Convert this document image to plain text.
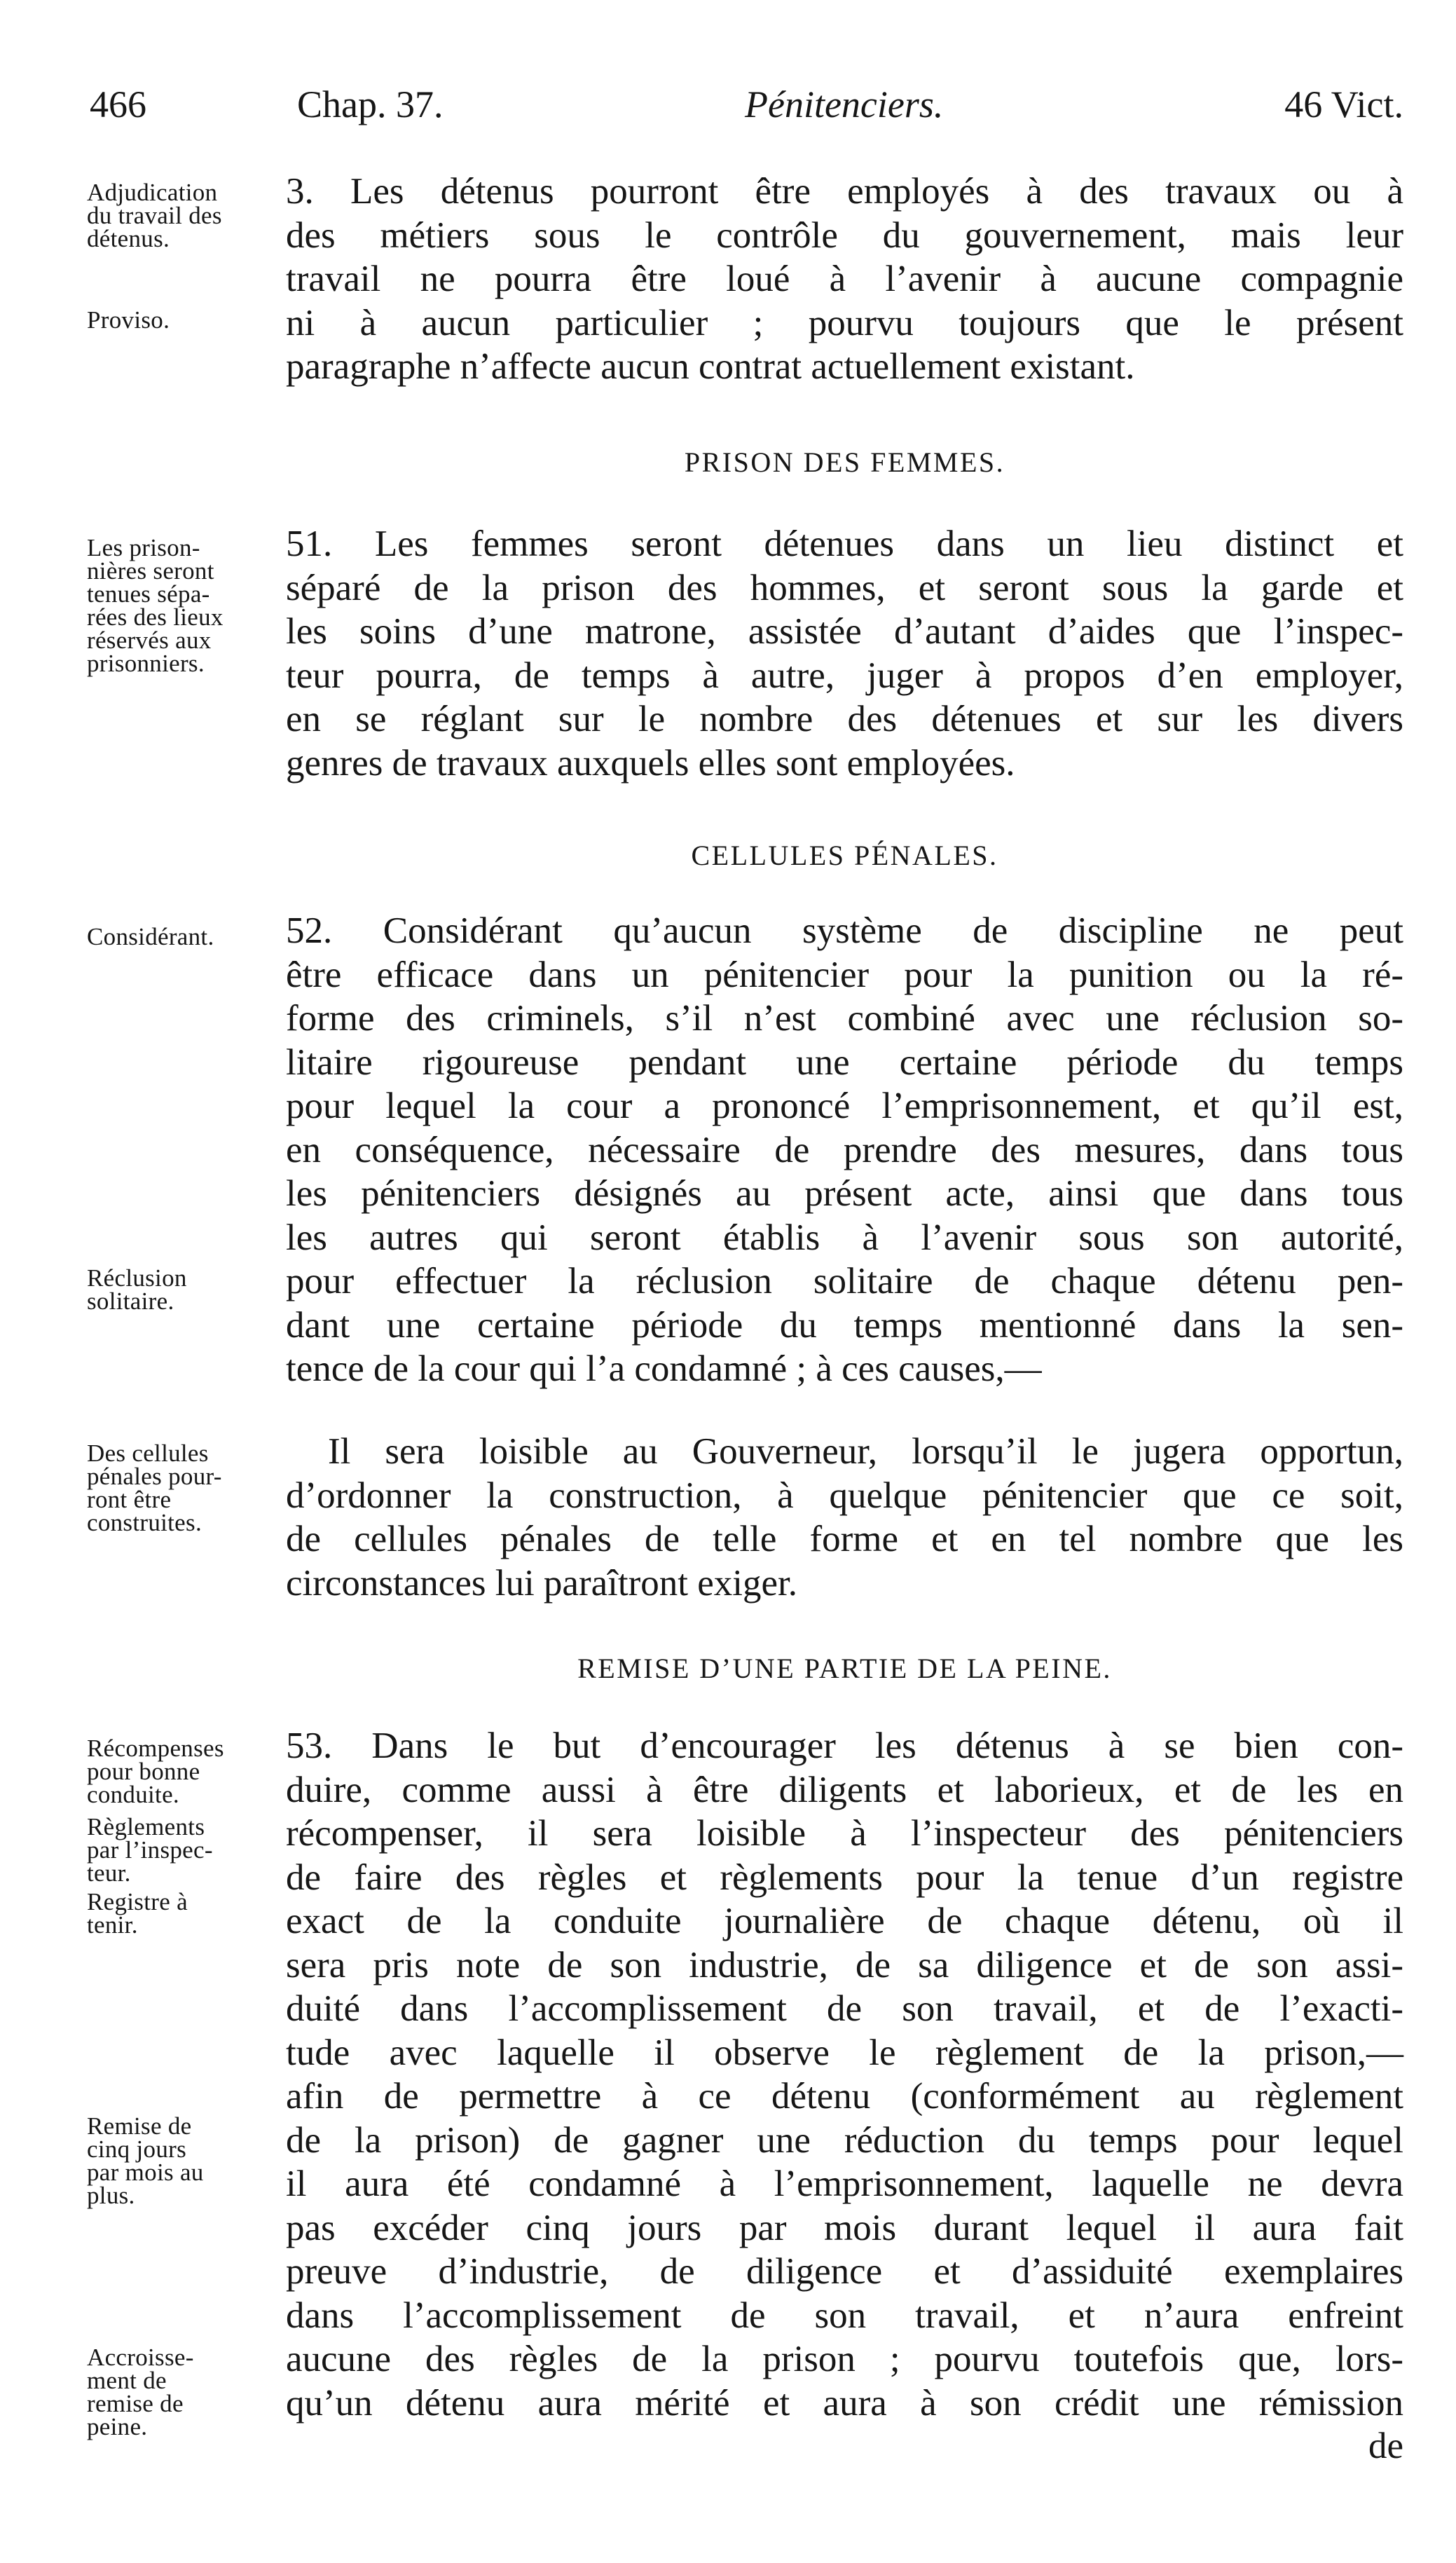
466	Chap. 37.	Pénitenciers.	46 Vict.
3. Les détenus pourront être employés à des travaux ou à
des métiers sous le contrôle du gouvernement, mais leur
travail ne pourra être loué à l’avenir à aucune compagnie
ni à aucun particulier ; pourvu toujours que le présent
paragraphe n’affecte aucun contrat actuellement existant.
Adjudication
du travail des
détenus.
Proviso.
PRISON DES FEMMES.
51. Les femmes seront détenues dans un lieu distinct et
séparé de la prison des hommes, et seront sous la garde et
les soins d’une matrone, assistée d’autant d’aides que l’inspec-
teur pourra, de temps à autre, juger à propos d’en employer,
en se réglant sur le nombre des détenues et sur les divers
genres de travaux auxquels elles sont employées.
Les prison-
nières seront
tenues sépa-
rées des lieux
réservés aux
prisonniers.
CELLULES PÉNALES.
52. Considérant qu’aucun système de discipline ne peut
être efficace dans un pénitencier pour la punition ou la ré-
forme des criminels, s’il n’est combiné avec une réclusion so-
litaire rigoureuse pendant une certaine période du temps
pour lequel la cour a prononcé l’emprisonnement, et qu’il est,
en conséquence, nécessaire de prendre des mesures, dans tous
les pénitenciers désignés au présent acte, ainsi que dans tous
les autres qui seront établis à l’avenir sous son autorité,
pour effectuer la réclusion solitaire de chaque détenu pen-
dant une certaine période du temps mentionné dans la sen-
tence de la cour qui l’a condamné ; à ces causes,—
Considérant.
Réclusion
solitaire.
Il sera loisible au Gouverneur, lorsqu’il le jugera opportun,
d’ordonner la construction, à quelque pénitencier que ce soit,
de cellules pénales de telle forme et en tel nombre que les
circonstances lui paraîtront exiger.
Des cellules
pénales pour-
ront être
construites.
REMISE D’UNE PARTIE DE LA PEINE.
53. Dans le but d’encourager les détenus à se bien con-
duire, comme aussi à être diligents et laborieux, et de les en
récompenser, il sera loisible à l’inspecteur des pénitenciers
de faire des règles et règlements pour la tenue d’un registre
exact de la conduite journalière de chaque détenu, où il
sera pris note de son industrie, de sa diligence et de son assi-
duité dans l’accomplissement de son travail, et de l’exacti-
tude avec laquelle il observe le règlement de la prison,—
afin de permettre à ce détenu (conformément au règlement
de la prison) de gagner une réduction du temps pour lequel
il aura été condamné à l’emprisonnement, laquelle ne devra
pas excéder cinq jours par mois durant lequel il aura fait
preuve d’industrie, de diligence et d’assiduité exemplaires
dans l’accomplissement de son travail, et n’aura enfreint
aucune des règles de la prison ; pourvu toutefois que, lors-
qu’un détenu aura mérité et aura à son crédit une rémission
de
Récompenses
pour bonne
conduite.
Règlements
par l’inspec-
teur.
Registre à
tenir.
Remise de
cinq jours
par mois au
plus.
Accroisse-
ment de
remise de
peine.
